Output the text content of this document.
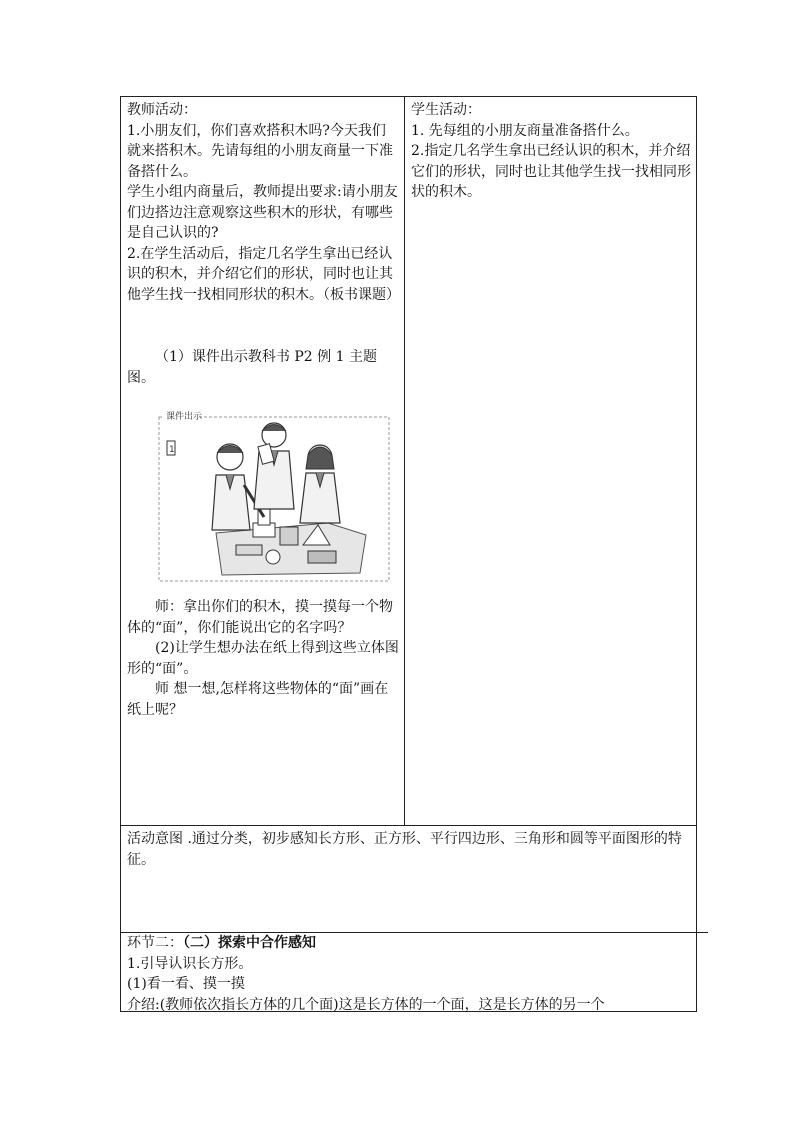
教师活动：

1.小朋友们，你们喜欢搭积木吗?今天我们就来搭积木。先请每组的小朋友商量一下准备搭什么。

学生小组内商量后，教师提出要求:请小朋友们边搭边注意观察这些积木的形状，有哪些是自己认识的?

2.在学生活动后，指定几名学生拿出已经认识的积木，并介绍它们的形状，同时也让其他学生找一找相同形状的积木。（板书课题）

（1）课件出示教科书 P2 例 1 主题图。

课件出示
1

师：拿出你们的积木，摸一摸每一个物体的“面”，你们能说出它的名字吗？

(2)让学生想办法在纸上得到这些立体图形的“面”。

师 想一想,怎样将这些物体的“面”画在纸上呢？

学生活动：

1. 先每组的小朋友商量准备搭什么。

2.指定几名学生拿出已经认识的积木，并介绍它们的形状，同时也让其他学生找一找相同形状的积木。

活动意图 .通过分类，初步感知长方形、正方形、平行四边形、三角形和圆等平面图形的特征。

环节二：（二）探索中合作感知

1.引导认识长方形。

(1)看一看、摸一摸

介绍:(教师依次指长方体的几个面)这是长方体的一个面，这是长方体的另一个
